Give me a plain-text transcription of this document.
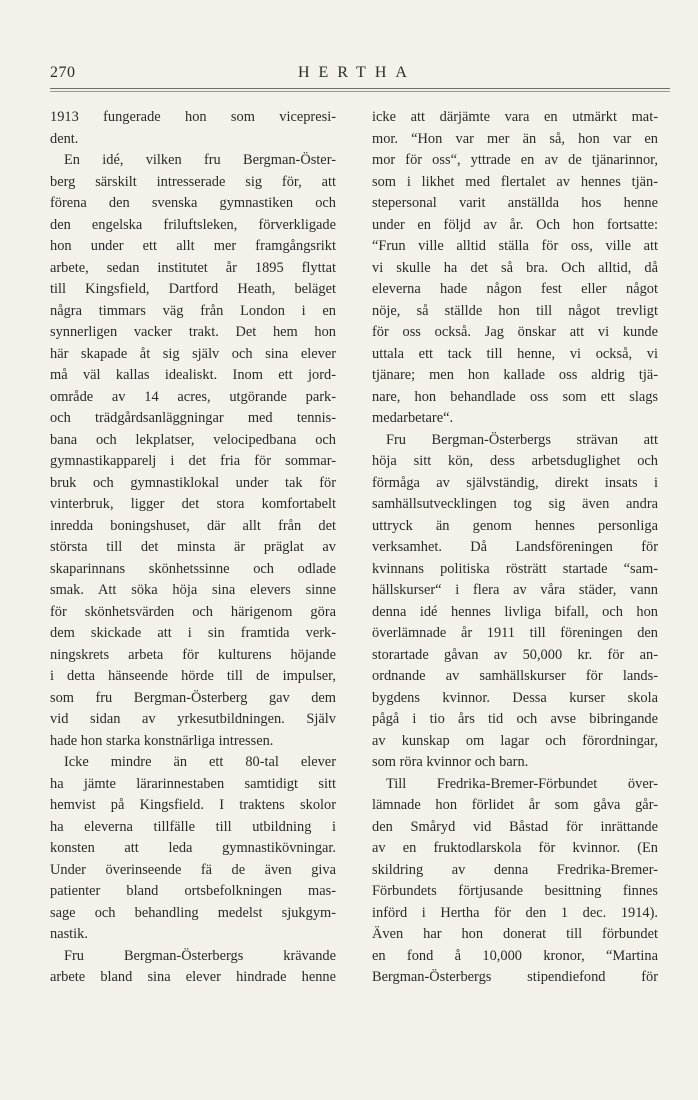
270	HERTHA
1913 fungerade hon som vicepresi-
dent.
En idé, vilken fru Bergman-Öster-
berg särskilt intresserade sig för, att
förena den svenska gymnastiken och
den engelska friluftsleken, förverkligade
hon under ett allt mer framgångsrikt
arbete, sedan institutet år 1895 flyttat
till Kingsfield, Dartford Heath, beläget
några timmars väg från London i en
synnerligen vacker trakt. Det hem hon
här skapade åt sig själv och sina elever
må väl kallas idealiskt. Inom ett jord-
område av 14 acres, utgörande park-
och trädgårdsanläggningar med tennis-
bana och lekplatser, velocipedbana och
gymnastikapparelj i det fria för sommar-
bruk och gymnastiklokal under tak för
vinterbruk, ligger det stora komfortabelt
inredda boningshuset, där allt från det
största till det minsta är präglat av
skaparinnans skönhetssinne och odlade
smak. Att söka höja sina elevers sinne
för skönhetsvärden och härigenom göra
dem skickade att i sin framtida verk-
ningskrets arbeta för kulturens höjande
i detta hänseende hörde till de impulser,
som fru Bergman-Österberg gav dem
vid sidan av yrkesutbildningen. Själv
hade hon starka konstnärliga intressen.
Icke mindre än ett 80-tal elever
ha jämte lärarinnestaben samtidigt sitt
hemvist på Kingsfield. I traktens skolor
ha eleverna tillfälle till utbildning i
konsten att leda gymnastikövningar.
Under överinseende fä de även giva
patienter bland ortsbefolkningen mas-
sage och behandling medelst sjukgym-
nastik.
Fru Bergman-Österbergs krävande
arbete bland sina elever hindrade henne
icke att därjämte vara en utmärkt mat-
mor. “Hon var mer än så, hon var en
mor för oss“, yttrade en av de tjänarinnor,
som i likhet med flertalet av hennes tjän-
stepersonal varit anställda hos henne
under en följd av år. Och hon fortsatte:
“Frun ville alltid ställa för oss, ville att
vi skulle ha det så bra. Och alltid, då
eleverna hade någon fest eller något
nöje, så ställde hon till något trevligt
för oss också. Jag önskar att vi kunde
uttala ett tack till henne, vi också, vi
tjänare; men hon kallade oss aldrig tjä-
nare, hon behandlade oss som ett slags
medarbetare“.
Fru Bergman-Österbergs strävan att
höja sitt kön, dess arbetsduglighet och
förmåga av självständig, direkt insats i
samhällsutvecklingen tog sig även andra
uttryck än genom hennes personliga
verksamhet. Då Landsföreningen för
kvinnans politiska rösträtt startade “sam-
hällskurser“ i flera av våra städer, vann
denna idé hennes livliga bifall, och hon
överlämnade år 1911 till föreningen den
storartade gåvan av 50,000 kr. för an-
ordnande av samhällskurser för lands-
bygdens kvinnor. Dessa kurser skola
pågå i tio års tid och avse bibringande
av kunskap om lagar och förordningar,
som röra kvinnor och barn.
Till Fredrika-Bremer-Förbundet över-
lämnade hon förlidet år som gåva går-
den Småryd vid Båstad för inrättande
av en fruktodlarskola för kvinnor. (En
skildring av denna Fredrika-Bremer-
Förbundets förtjusande besittning finnes
införd i Hertha för den 1 dec. 1914).
Även har hon donerat till förbundet
en fond å 10,000 kronor, “Martina
Bergman-Österbergs stipendiefond för
